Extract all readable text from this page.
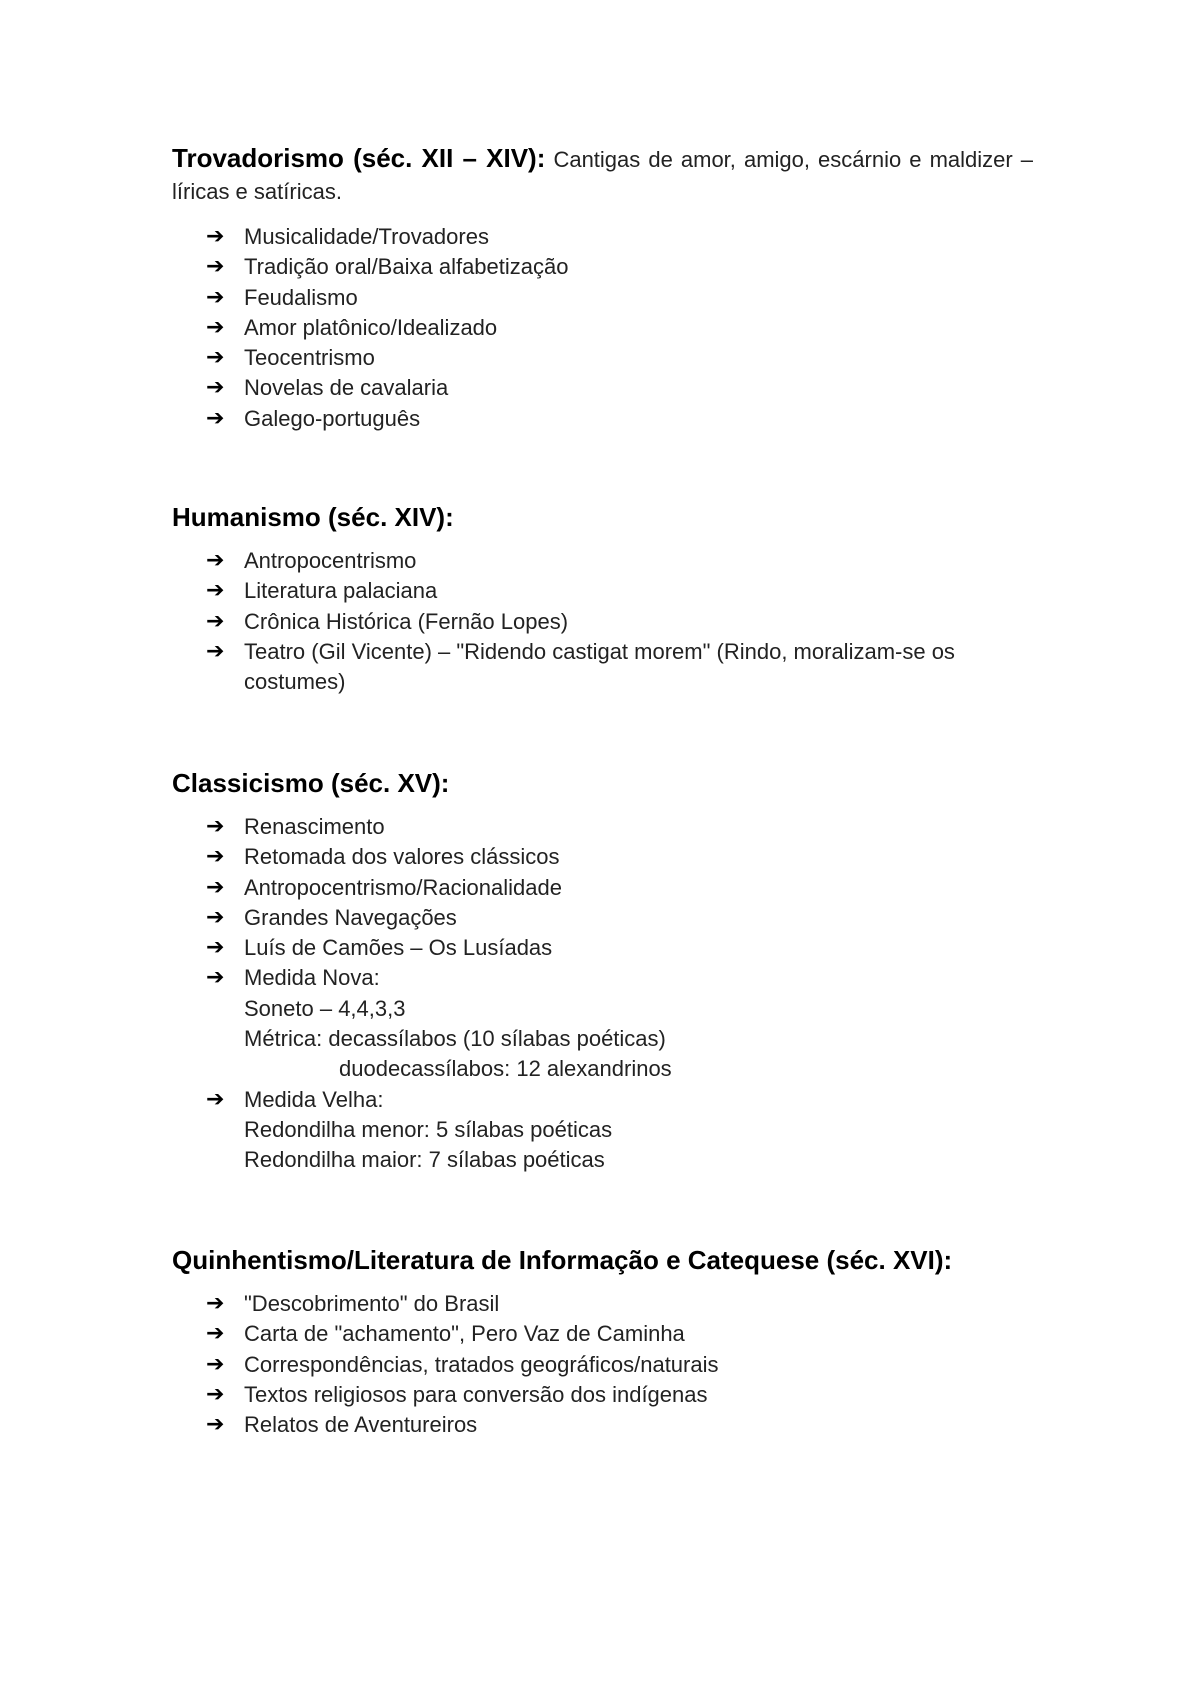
Trovadorismo (séc. XII – XIV): Cantigas de amor, amigo, escárnio e maldizer – líricas e satíricas.

➔ Musicalidade/Trovadores
➔ Tradição oral/Baixa alfabetização
➔ Feudalismo
➔ Amor platônico/Idealizado
➔ Teocentrismo
➔ Novelas de cavalaria
➔ Galego-português

Humanismo (séc. XIV):

➔ Antropocentrismo
➔ Literatura palaciana
➔ Crônica Histórica (Fernão Lopes)
➔ Teatro (Gil Vicente) – "Ridendo castigat morem" (Rindo, moralizam-se os costumes)

Classicismo (séc. XV):

➔ Renascimento
➔ Retomada dos valores clássicos
➔ Antropocentrismo/Racionalidade
➔ Grandes Navegações
➔ Luís de Camões – Os Lusíadas
➔ Medida Nova:
Soneto – 4,4,3,3
Métrica: decassílabos (10 sílabas poéticas)
duodecassílabos: 12 alexandrinos
➔ Medida Velha:
Redondilha menor: 5 sílabas poéticas
Redondilha maior: 7 sílabas poéticas

Quinhentismo/Literatura de Informação e Catequese (séc. XVI):

➔ "Descobrimento" do Brasil
➔ Carta de "achamento", Pero Vaz de Caminha
➔ Correspondências, tratados geográficos/naturais
➔ Textos religiosos para conversão dos indígenas
➔ Relatos de Aventureiros
